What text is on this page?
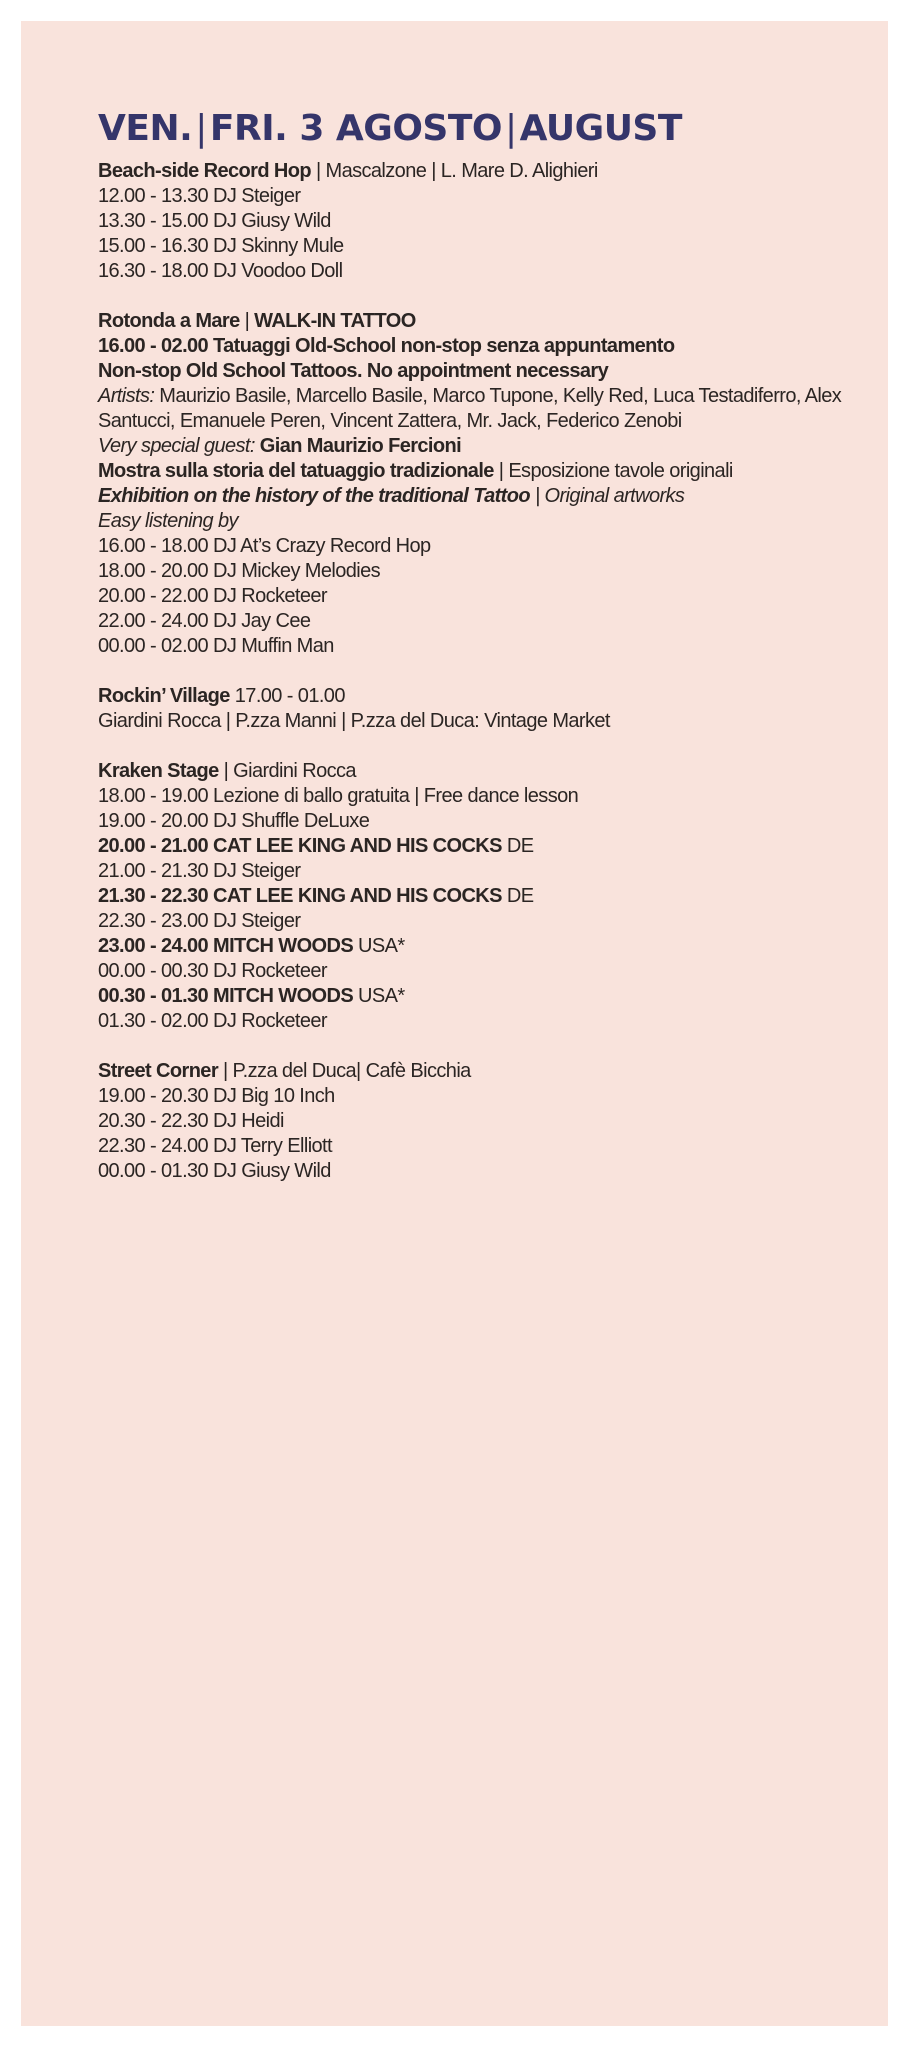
VEN.|FRI. 3 AGOSTO|AUGUST
Beach-side Record Hop | Mascalzone | L. Mare D. Alighieri
12.00 - 13.30 DJ Steiger
13.30 - 15.00 DJ Giusy Wild
15.00 - 16.30 DJ Skinny Mule
16.30 - 18.00 DJ Voodoo Doll
Rotonda a Mare | WALK-IN TATTOO
16.00 - 02.00 Tatuaggi Old-School non-stop senza appuntamento
Non-stop Old School Tattoos. No appointment necessary
Artists: Maurizio Basile, Marcello Basile, Marco Tupone, Kelly Red, Luca Testadiferro, Alex Santucci, Emanuele Peren, Vincent Zattera, Mr. Jack, Federico Zenobi
Very special guest: Gian Maurizio Fercioni
Mostra sulla storia del tatuaggio tradizionale | Esposizione tavole originali
Exhibition on the history of the traditional Tattoo | Original artworks
Easy listening by
16.00 - 18.00 DJ At’s Crazy Record Hop
18.00 - 20.00 DJ Mickey Melodies
20.00 - 22.00 DJ Rocketeer
22.00 - 24.00 DJ Jay Cee
00.00 - 02.00 DJ Muffin Man
Rockin’ Village 17.00 - 01.00
Giardini Rocca | P.zza Manni | P.zza del Duca: Vintage Market
Kraken Stage | Giardini Rocca
18.00 - 19.00 Lezione di ballo gratuita | Free dance lesson
19.00 - 20.00 DJ Shuffle DeLuxe
20.00 - 21.00 CAT LEE KING AND HIS COCKS DE
21.00 - 21.30 DJ Steiger
21.30 - 22.30 CAT LEE KING AND HIS COCKS DE
22.30 - 23.00 DJ Steiger
23.00 - 24.00 MITCH WOODS USA*
00.00 - 00.30 DJ Rocketeer
00.30 - 01.30 MITCH WOODS USA*
01.30 - 02.00 DJ Rocketeer
Street Corner | P.zza del Duca| Cafè Bicchia
19.00 - 20.30 DJ Big 10 Inch
20.30 - 22.30 DJ Heidi
22.30 - 24.00 DJ Terry Elliott
00.00 - 01.30 DJ Giusy Wild
